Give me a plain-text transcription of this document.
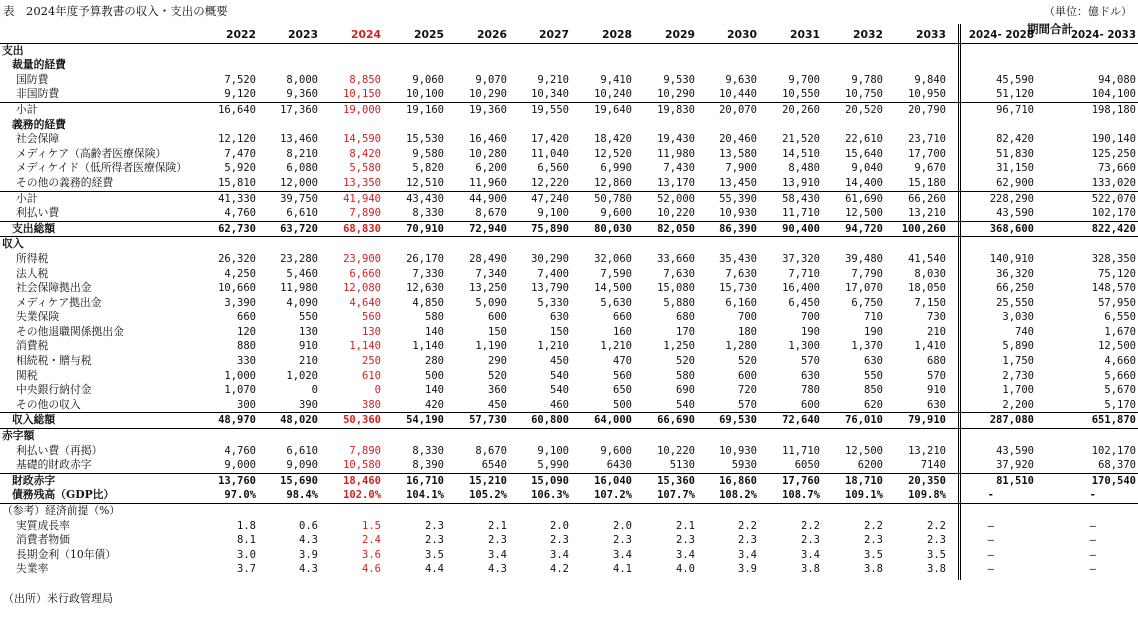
表　2024年度予算教書の収入・支出の概要	（単位：億ドル）
期間合計
2022	2023	2024	2025	2026	2027	2028	2029	2030	2031	2032	2033	2024- 2028	2024- 2033
支出
裁量的経費
国防費	7,520	8,000	8,850	9,060	9,070	9,210	9,410	9,530	9,630	9,700	9,780	9,840	45,590	94,080
非国防費	9,120	9,360	10,150	10,100	10,290	10,340	10,240	10,290	10,440	10,550	10,750	10,950	51,120	104,100
小計	16,640	17,360	19,000	19,160	19,360	19,550	19,640	19,830	20,070	20,260	20,520	20,790	96,710	198,180
義務的経費
社会保障	12,120	13,460	14,590	15,530	16,460	17,420	18,420	19,430	20,460	21,520	22,610	23,710	82,420	190,140
メディケア（高齢者医療保険）	7,470	8,210	8,420	9,580	10,280	11,040	12,520	11,980	13,580	14,510	15,640	17,700	51,830	125,250
メディケイド（低所得者医療保険）	5,920	6,080	5,580	5,820	6,200	6,560	6,990	7,430	7,900	8,480	9,040	9,670	31,150	73,660
その他の義務的経費	15,810	12,000	13,350	12,510	11,960	12,220	12,860	13,170	13,450	13,910	14,400	15,180	62,900	133,020
小計	41,330	39,750	41,940	43,430	44,900	47,240	50,780	52,000	55,390	58,430	61,690	66,260	228,290	522,070
利払い費	4,760	6,610	7,890	8,330	8,670	9,100	9,600	10,220	10,930	11,710	12,500	13,210	43,590	102,170
支出総額	62,730	63,720	68,830	70,910	72,940	75,890	80,030	82,050	86,390	90,400	94,720	100,260	368,600	822,420
収入
所得税	26,320	23,280	23,900	26,170	28,490	30,290	32,060	33,660	35,430	37,320	39,480	41,540	140,910	328,350
法人税	4,250	5,460	6,660	7,330	7,340	7,400	7,590	7,630	7,630	7,710	7,790	8,030	36,320	75,120
社会保障拠出金	10,660	11,980	12,080	12,630	13,250	13,790	14,500	15,080	15,730	16,400	17,070	18,050	66,250	148,570
メディケア拠出金	3,390	4,090	4,640	4,850	5,090	5,330	5,630	5,880	6,160	6,450	6,750	7,150	25,550	57,950
失業保険	660	550	560	580	600	630	660	680	700	700	710	730	3,030	6,550
その他退職関係拠出金	120	130	130	140	150	150	160	170	180	190	190	210	740	1,670
消費税	880	910	1,140	1,140	1,190	1,210	1,210	1,250	1,280	1,300	1,370	1,410	5,890	12,500
相続税・贈与税	330	210	250	280	290	450	470	520	520	570	630	680	1,750	4,660
関税	1,000	1,020	610	500	520	540	560	580	600	630	550	570	2,730	5,660
中央銀行納付金	1,070	0	0	140	360	540	650	690	720	780	850	910	1,700	5,670
その他の収入	300	390	380	420	450	460	500	540	570	600	620	630	2,200	5,170
収入総額	48,970	48,020	50,360	54,190	57,730	60,800	64,000	66,690	69,530	72,640	76,010	79,910	287,080	651,870
赤字額
利払い費（再掲）	4,760	6,610	7,890	8,330	8,670	9,100	9,600	10,220	10,930	11,710	12,500	13,210	43,590	102,170
基礎的財政赤字	9,000	9,090	10,580	8,390	6540	5,990	6430	5130	5930	6050	6200	7140	37,920	68,370
財政赤字	13,760	15,690	18,460	16,710	15,210	15,090	16,040	15,360	16,860	17,760	18,710	20,350	81,510	170,540
債務残高（GDP比）	97.0%	98.4%	102.0%	104.1%	105.2%	106.3%	107.2%	107.7%	108.2%	108.7%	109.1%	109.8%	-	-
（参考）経済前提（%）
実質成長率	1.8	0.6	1.5	2.3	2.1	2.0	2.0	2.1	2.2	2.2	2.2	2.2	–	–
消費者物価	8.1	4.3	2.4	2.3	2.3	2.3	2.3	2.3	2.3	2.3	2.3	2.3	–	–
長期金利（10年債）	3.0	3.9	3.6	3.5	3.4	3.4	3.4	3.4	3.4	3.4	3.5	3.5	–	–
失業率	3.7	4.3	4.6	4.4	4.3	4.2	4.1	4.0	3.9	3.8	3.8	3.8	–	–
（出所）米行政管理局
